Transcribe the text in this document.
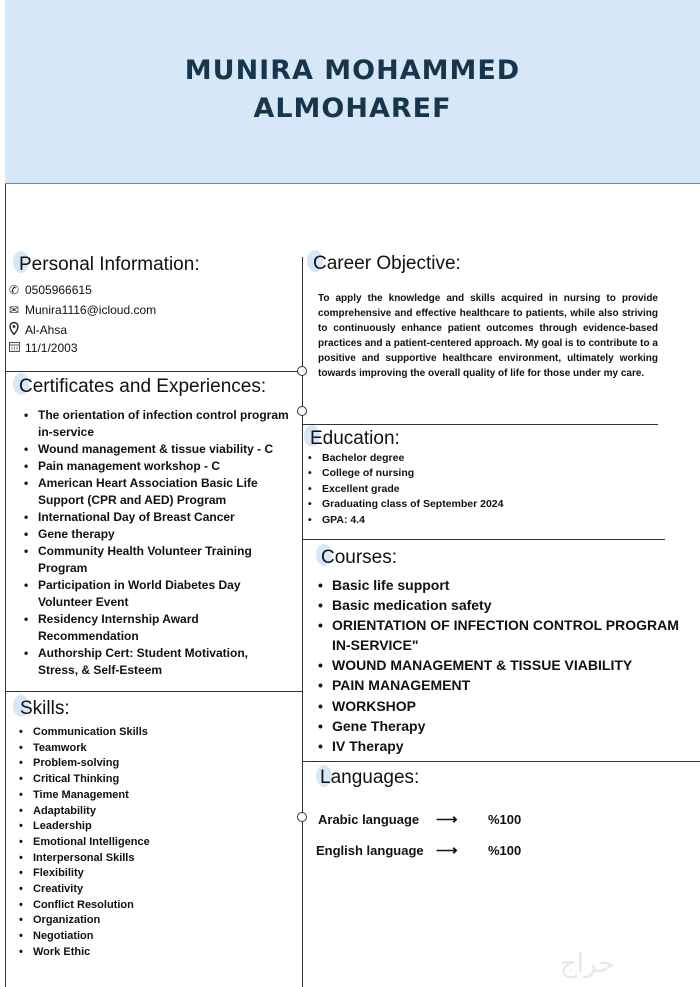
MUNIRA MOHAMMED
ALMOHAREF
Personal Information:
✆ 0505966615
✉ Munira1116@icloud.com
Al-Ahsa
11/1/2003
Certificates and Experiences:
• The orientation of infection control program in-service
• Wound management & tissue viability - C
• Pain management workshop - C
• American Heart Association Basic Life Support (CPR and AED) Program
• International Day of Breast Cancer
• Gene therapy
• Community Health Volunteer Training Program
• Participation in World Diabetes Day Volunteer Event
• Residency Internship Award Recommendation
• Authorship Cert: Student Motivation, Stress, & Self-Esteem
Skills:
• Communication Skills
• Teamwork
• Problem-solving
• Critical Thinking
• Time Management
• Adaptability
• Leadership
• Emotional Intelligence
• Interpersonal Skills
• Flexibility
• Creativity
• Conflict Resolution
• Organization
• Negotiation
• Work Ethic
Career Objective:
To apply the knowledge and skills acquired in nursing to provide comprehensive and effective healthcare to patients, while also striving to continuously enhance patient outcomes through evidence-based practices and a patient-centered approach. My goal is to contribute to a positive and supportive healthcare environment, ultimately working towards improving the overall quality of life for those under my care.
Education:
• Bachelor degree
• College of nursing
• Excellent grade
• Graduating class of September 2024
• GPA: 4.4
Courses:
• Basic life support
• Basic medication safety
• ORIENTATION OF INFECTION CONTROL PROGRAM IN-SERVICE"
• WOUND MANAGEMENT & TISSUE VIABILITY
• PAIN MANAGEMENT
• WORKSHOP
• Gene Therapy
• IV Therapy
Languages:
Arabic language	⟶	%100
English language ⟶	%100
حراج
